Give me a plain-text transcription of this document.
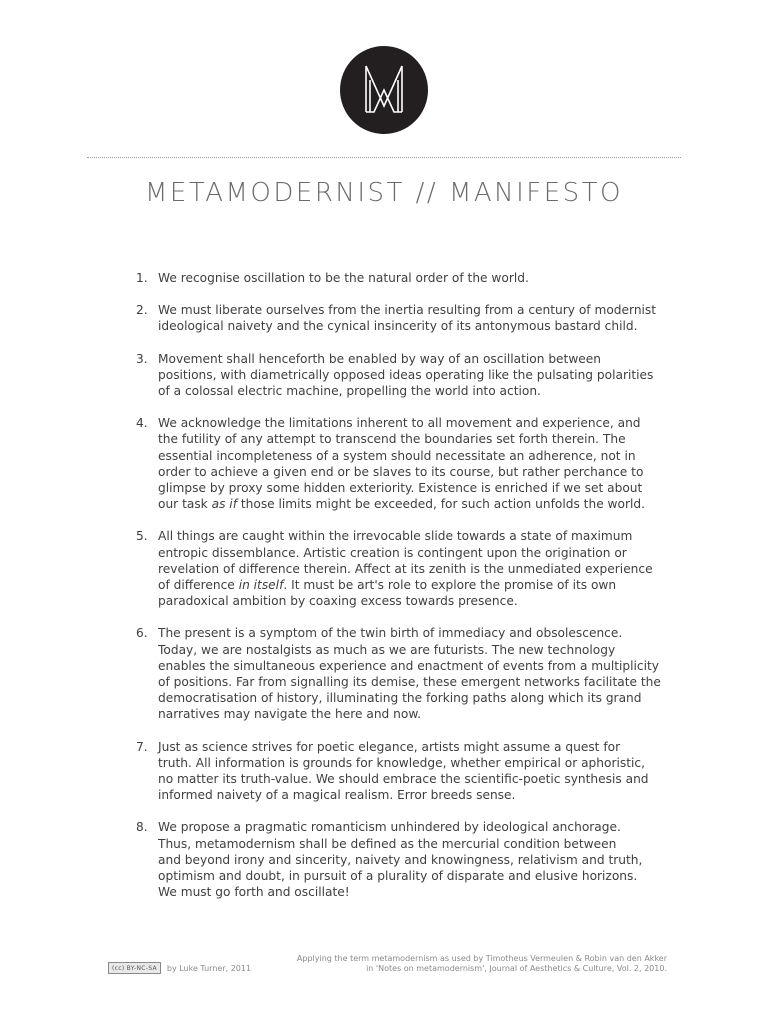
METAMODERNIST // MANIFESTO
1. We recognise oscillation to be the natural order of the world.
2. We must liberate ourselves from the inertia resulting from a century of modernist
ideological naivety and the cynical insincerity of its antonymous bastard child.
3. Movement shall henceforth be enabled by way of an oscillation between
positions, with diametrically opposed ideas operating like the pulsating polarities
of a colossal electric machine, propelling the world into action.
4. We acknowledge the limitations inherent to all movement and experience, and
the futility of any attempt to transcend the boundaries set forth therein. The
essential incompleteness of a system should necessitate an adherence, not in
order to achieve a given end or be slaves to its course, but rather perchance to
glimpse by proxy some hidden exteriority. Existence is enriched if we set about
our task as if those limits might be exceeded, for such action unfolds the world.
5. All things are caught within the irrevocable slide towards a state of maximum
entropic dissemblance. Artistic creation is contingent upon the origination or
revelation of difference therein. Affect at its zenith is the unmediated experience
of difference in itself. It must be art's role to explore the promise of its own
paradoxical ambition by coaxing excess towards presence.
6. The present is a symptom of the twin birth of immediacy and obsolescence.
Today, we are nostalgists as much as we are futurists. The new technology
enables the simultaneous experience and enactment of events from a multiplicity
of positions. Far from signalling its demise, these emergent networks facilitate the
democratisation of history, illuminating the forking paths along which its grand
narratives may navigate the here and now.
7. Just as science strives for poetic elegance, artists might assume a quest for
truth. All information is grounds for knowledge, whether empirical or aphoristic,
no matter its truth-value. We should embrace the scientific-poetic synthesis and
informed naivety of a magical realism. Error breeds sense.
8. We propose a pragmatic romanticism unhindered by ideological anchorage.
Thus, metamodernism shall be defined as the mercurial condition between
and beyond irony and sincerity, naivety and knowingness, relativism and truth,
optimism and doubt, in pursuit of a plurality of disparate and elusive horizons.
We must go forth and oscillate!
(cc) BY-NC-SA	by Luke Turner, 2011
Applying the term metamodernism as used by Timotheus Vermeulen & Robin van den Akker
in 'Notes on metamodernism', Journal of Aesthetics & Culture, Vol. 2, 2010.
